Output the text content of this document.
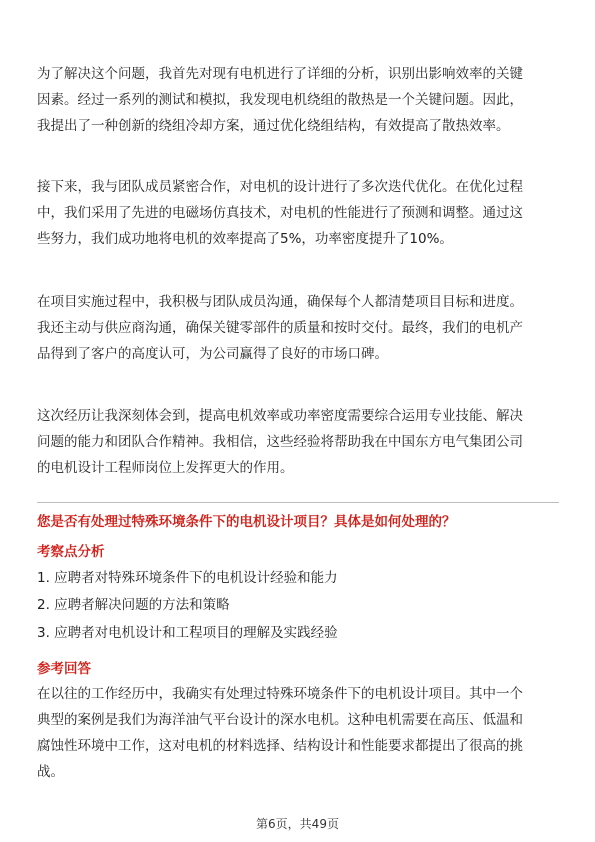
为了解决这个问题，我首先对现有电机进行了详细的分析，识别出影响效率的关键
因素。经过一系列的测试和模拟，我发现电机绕组的散热是一个关键问题。因此，
我提出了一种创新的绕组冷却方案，通过优化绕组结构，有效提高了散热效率。
接下来，我与团队成员紧密合作，对电机的设计进行了多次迭代优化。在优化过程
中，我们采用了先进的电磁场仿真技术，对电机的性能进行了预测和调整。通过这
些努力，我们成功地将电机的效率提高了5%，功率密度提升了10%。
在项目实施过程中，我积极与团队成员沟通，确保每个人都清楚项目目标和进度。
我还主动与供应商沟通，确保关键零部件的质量和按时交付。最终，我们的电机产
品得到了客户的高度认可，为公司赢得了良好的市场口碑。
这次经历让我深刻体会到，提高电机效率或功率密度需要综合运用专业技能、解决
问题的能力和团队合作精神。我相信，这些经验将帮助我在中国东方电气集团公司
的电机设计工程师岗位上发挥更大的作用。
您是否有处理过特殊环境条件下的电机设计项目？具体是如何处理的？
考察点分析
1. 应聘者对特殊环境条件下的电机设计经验和能力
2. 应聘者解决问题的方法和策略
3. 应聘者对电机设计和工程项目的理解及实践经验
参考回答
在以往的工作经历中，我确实有处理过特殊环境条件下的电机设计项目。其中一个
典型的案例是我们为海洋油气平台设计的深水电机。这种电机需要在高压、低温和
腐蚀性环境中工作，这对电机的材料选择、结构设计和性能要求都提出了很高的挑
战。
第6页，共49页
